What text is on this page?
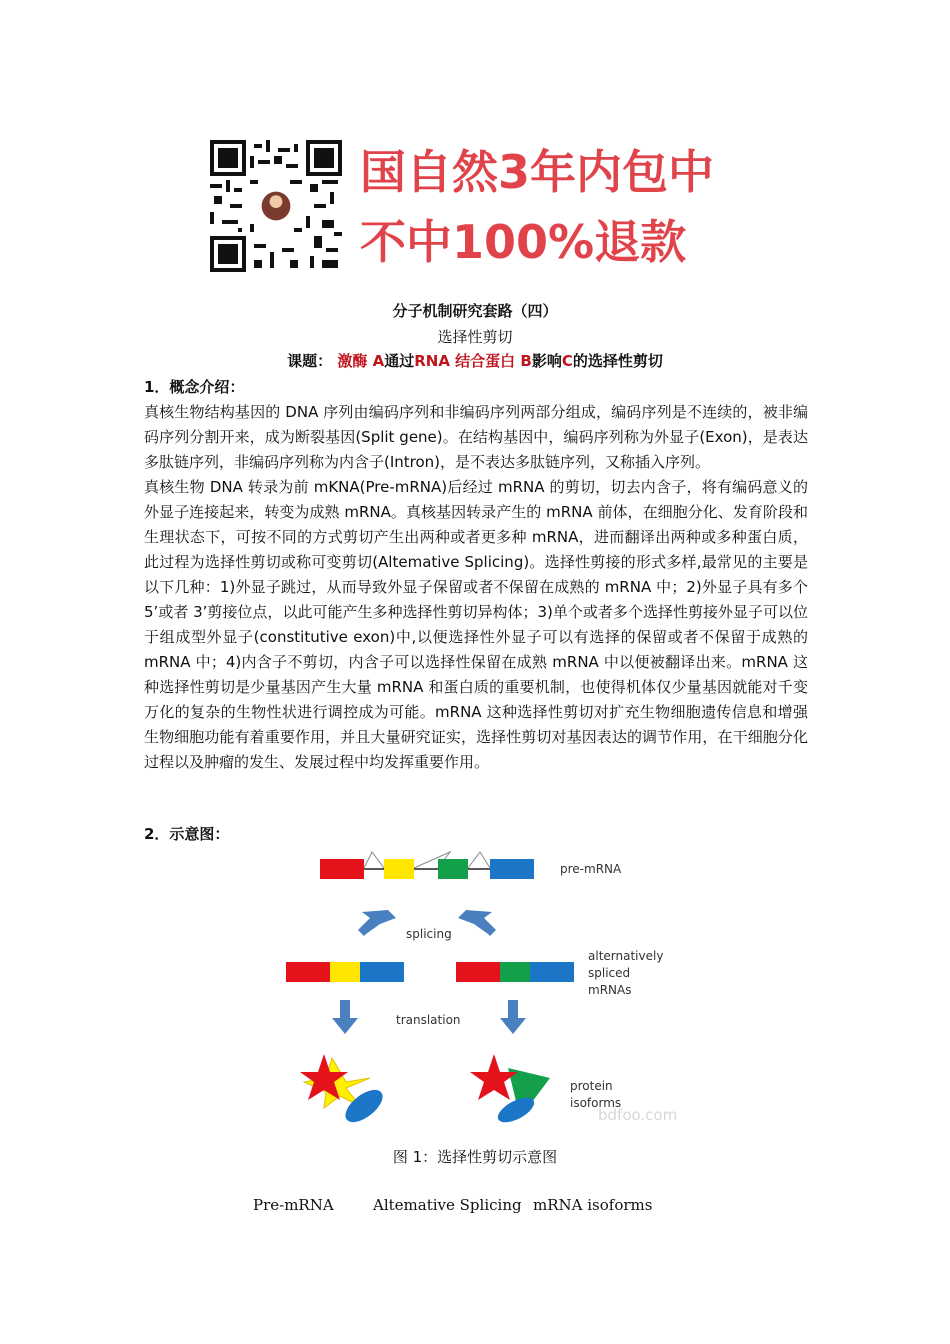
国自然3年内包中
不中100%退款
分子机制研究套路（四）
选择性剪切
课题： 激酶 A通过RNA 结合蛋白 B影响C的选择性剪切
1．概念介绍：
真核生物结构基因的 DNA 序列由编码序列和非编码序列两部分组成，编码序列是不连续的，被非编码序列分割开来，成为断裂基因(Split gene)。在结构基因中，编码序列称为外显子(Exon)，是表达多肽链序列，非编码序列称为内含子(Intron)，是不表达多肽链序列，又称插入序列。
真核生物 DNA 转录为前 mKNA(Pre-mRNA)后经过 mRNA 的剪切，切去内含子，将有编码意义的外显子连接起来，转变为成熟 mRNA。真核基因转录产生的 mRNA 前体，在细胞分化、发育阶段和生理状态下，可按不同的方式剪切产生出两种或者更多种 mRNA，进而翻译出两种或多种蛋白质，此过程为选择性剪切或称可变剪切(Altemative Splicing)。选择性剪接的形式多样,最常见的主要是以下几种：1)外显子跳过，从而导致外显子保留或者不保留在成熟的 mRNA 中；2)外显子具有多个 5’或者 3’剪接位点，以此可能产生多种选择性剪切异构体；3)单个或者多个选择性剪接外显子可以位于组成型外显子(constitutive exon)中,以便选择性外显子可以有选择的保留或者不保留于成熟的 mRNA 中；4)内含子不剪切，内含子可以选择性保留在成熟 mRNA 中以便被翻译出来。mRNA 这种选择性剪切是少量基因产生大量 mRNA 和蛋白质的重要机制，也使得机体仅少量基因就能对千变万化的复杂的生物性状进行调控成为可能。mRNA 这种选择性剪切对扩充生物细胞遗传信息和增强生物细胞功能有着重要作用，并且大量研究证实，选择性剪切对基因表达的调节作用，在干细胞分化过程以及肿瘤的发生、发展过程中均发挥重要作用。
2．示意图：
pre-mRNA
splicing
alternatively
spliced
mRNAs
translation
protein
isoforms
bdfoo.com
图 1：选择性剪切示意图
Pre-mRNA	Altemative Splicing mRNA isoforms
